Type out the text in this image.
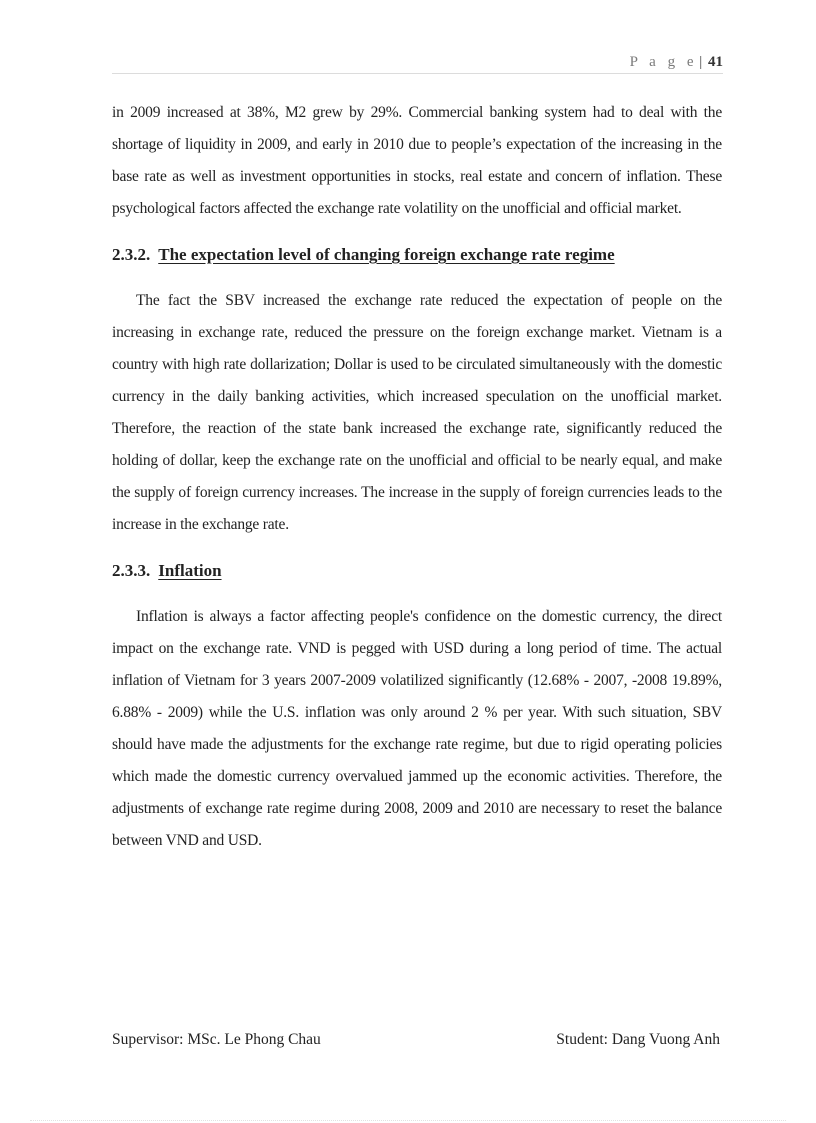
P a g e | 41

in 2009 increased at 38%, M2 grew by 29%. Commercial banking system had to deal with the shortage of liquidity in 2009, and early in 2010 due to people’s expectation of the increasing in the base rate as well as investment opportunities in stocks, real estate and concern of inflation. These psychological factors affected the exchange rate volatility on the unofficial and official market.

2.3.2. The expectation level of changing foreign exchange rate regime

The fact the SBV increased the exchange rate reduced the expectation of people on the increasing in exchange rate, reduced the pressure on the foreign exchange market. Vietnam is a country with high rate dollarization; Dollar is used to be circulated simultaneously with the domestic currency in the daily banking activities, which increased speculation on the unofficial market. Therefore, the reaction of the state bank increased the exchange rate, significantly reduced the holding of dollar, keep the exchange rate on the unofficial and official to be nearly equal, and make the supply of foreign currency increases. The increase in the supply of foreign currencies leads to the increase in the exchange rate.

2.3.3. Inflation

Inflation is always a factor affecting people's confidence on the domestic currency, the direct impact on the exchange rate. VND is pegged with USD during a long period of time. The actual inflation of Vietnam for 3 years 2007-2009 volatilized significantly (12.68% - 2007, -2008 19.89%, 6.88% - 2009) while the U.S. inflation was only around 2 % per year. With such situation, SBV should have made the adjustments for the exchange rate regime, but due to rigid operating policies which made the domestic currency overvalued jammed up the economic activities. Therefore, the adjustments of exchange rate regime during 2008, 2009 and 2010 are necessary to reset the balance between VND and USD.

Supervisor: MSc. Le Phong Chau	Student: Dang Vuong Anh
